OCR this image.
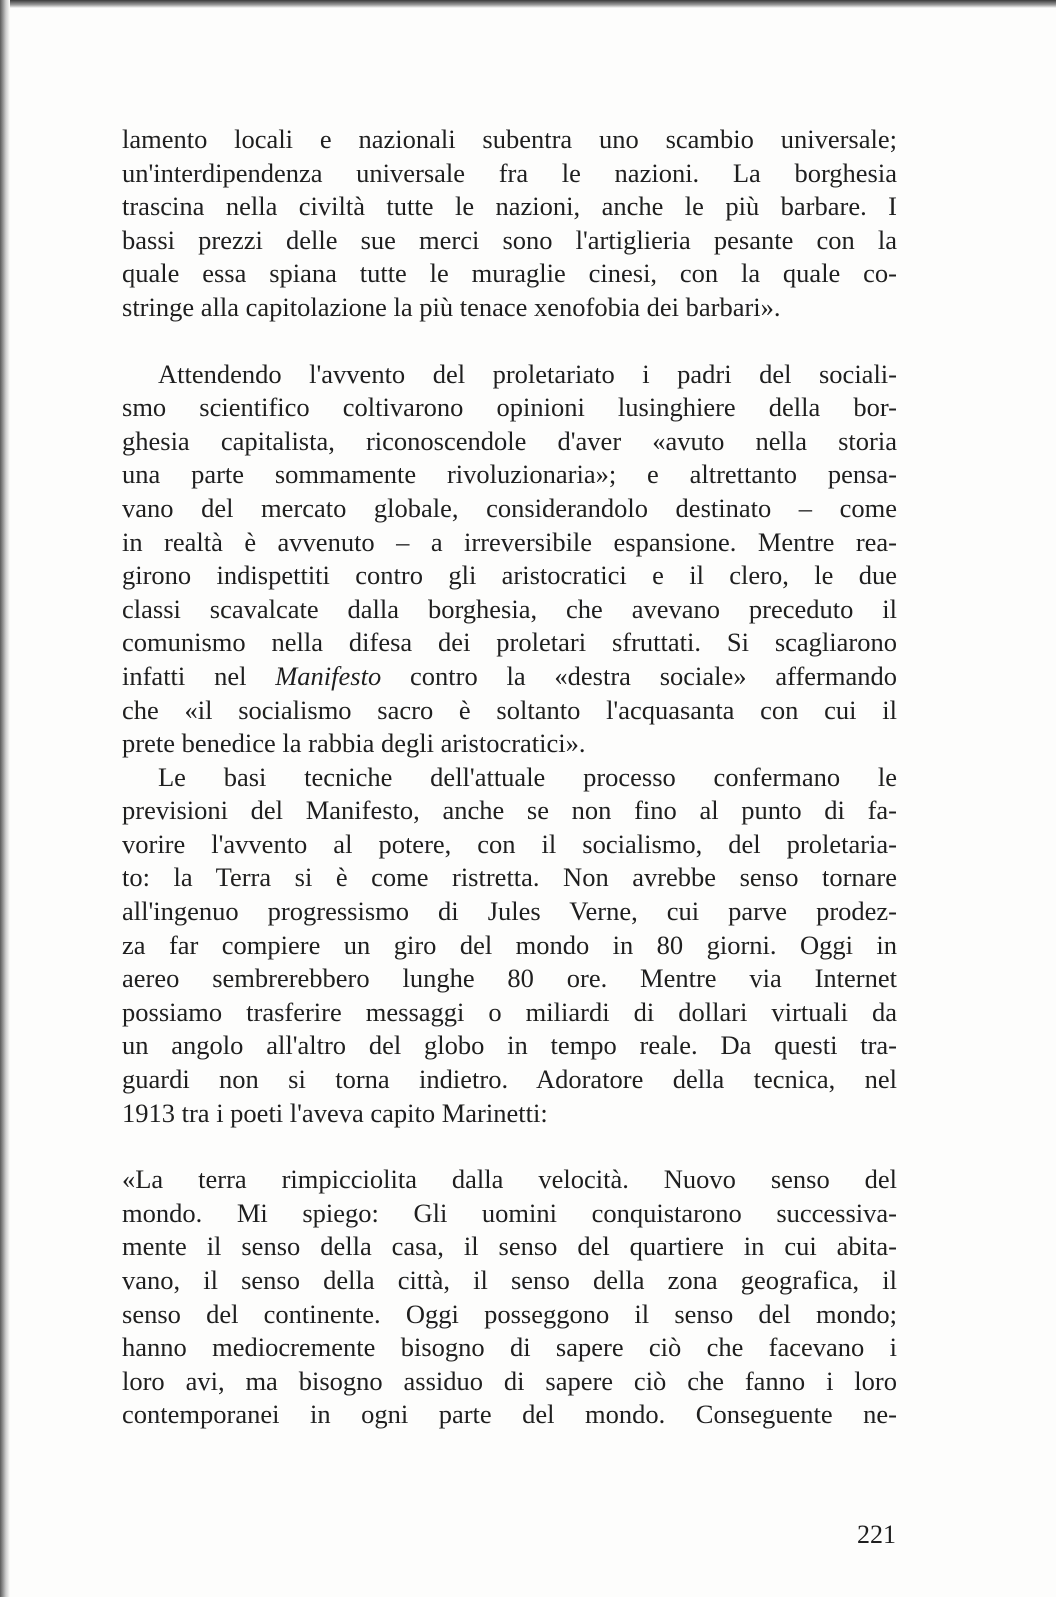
lamento locali e nazionali subentra uno scambio universale;
un'interdipendenza universale fra le nazioni. La borghesia
trascina nella civiltà tutte le nazioni, anche le più barbare. I
bassi prezzi delle sue merci sono l'artiglieria pesante con la
quale essa spiana tutte le muraglie cinesi, con la quale co-
stringe alla capitolazione la più tenace xenofobia dei barbari».
Attendendo l'avvento del proletariato i padri del sociali-
smo scientifico coltivarono opinioni lusinghiere della bor-
ghesia capitalista, riconoscendole d'aver «avuto nella storia
una parte sommamente rivoluzionaria»; e altrettanto pensa-
vano del mercato globale, considerandolo destinato – come
in realtà è avvenuto – a irreversibile espansione. Mentre rea-
girono indispettiti contro gli aristocratici e il clero, le due
classi scavalcate dalla borghesia, che avevano preceduto il
comunismo nella difesa dei proletari sfruttati. Si scagliarono
infatti nel Manifesto contro la «destra sociale» affermando
che «il socialismo sacro è soltanto l'acquasanta con cui il
prete benedice la rabbia degli aristocratici».
Le basi tecniche dell'attuale processo confermano le
previsioni del Manifesto, anche se non fino al punto di fa-
vorire l'avvento al potere, con il socialismo, del proletaria-
to: la Terra si è come ristretta. Non avrebbe senso tornare
all'ingenuo progressismo di Jules Verne, cui parve prodez-
za far compiere un giro del mondo in 80 giorni. Oggi in
aereo sembrerebbero lunghe 80 ore. Mentre via Internet
possiamo trasferire messaggi o miliardi di dollari virtuali da
un angolo all'altro del globo in tempo reale. Da questi tra-
guardi non si torna indietro. Adoratore della tecnica, nel
1913 tra i poeti l'aveva capito Marinetti:
«La terra rimpicciolita dalla velocità. Nuovo senso del
mondo. Mi spiego: Gli uomini conquistarono successiva-
mente il senso della casa, il senso del quartiere in cui abita-
vano, il senso della città, il senso della zona geografica, il
senso del continente. Oggi posseggono il senso del mondo;
hanno mediocremente bisogno di sapere ciò che facevano i
loro avi, ma bisogno assiduo di sapere ciò che fanno i loro
contemporanei in ogni parte del mondo. Conseguente ne-
221
